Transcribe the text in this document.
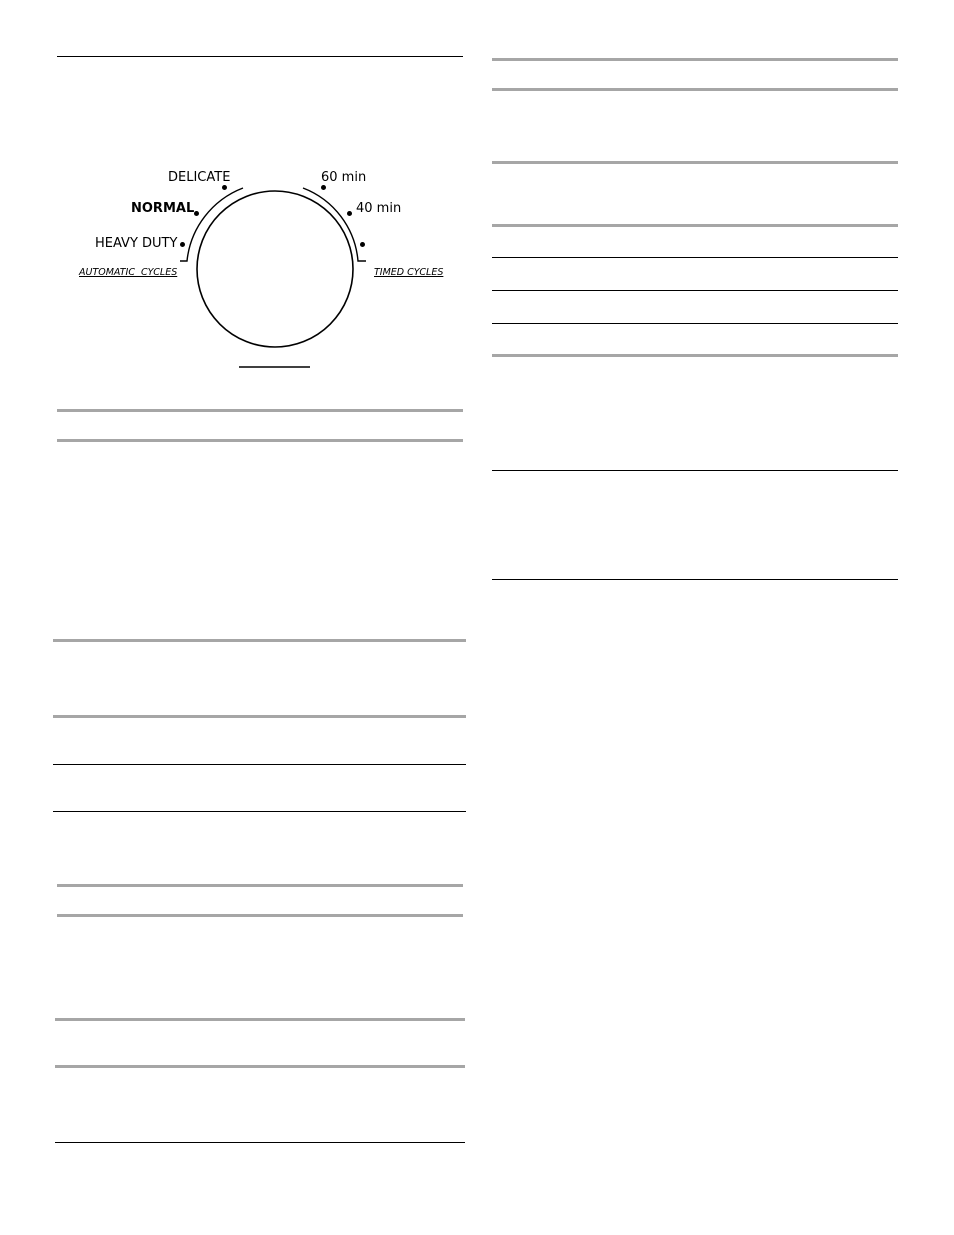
DELICATE
NORMAL
HEAVY DUTY
AUTOMATIC  CYCLES
60 min
40 min
TIMED CYCLES
